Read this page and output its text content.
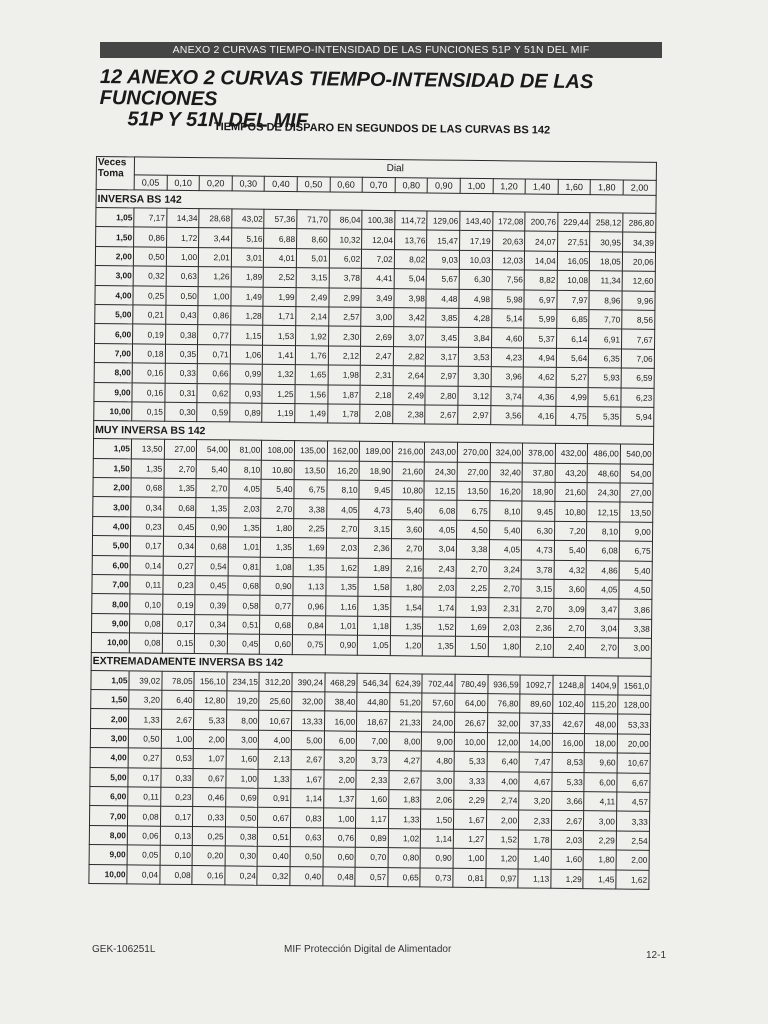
ANEXO 2 CURVAS TIEMPO-INTENSIDAD DE LAS FUNCIONES 51P Y 51N DEL MIF
12 ANEXO 2 CURVAS TIEMPO-INTENSIDAD DE LAS FUNCIONES
51P Y 51N DEL MIF
TIEMPOS DE DISPARO EN SEGUNDOS DE LAS CURVAS BS 142
Veces
Toma	Dial															
	0,05	0,10	0,20	0,30	0,40	0,50	0,60	0,70	0,80	0,90	1,00	1,20	1,40	1,60	1,80	2,00
INVERSA BS 142																
1,05	7,17	14,34	28,68	43,02	57,36	71,70	86,04	100,38	114,72	129,06	143,40	172,08	200,76	229,44	258,12	286,80
1,50	0,86	1,72	3,44	5,16	6,88	8,60	10,32	12,04	13,76	15,47	17,19	20,63	24,07	27,51	30,95	34,39
2,00	0,50	1,00	2,01	3,01	4,01	5,01	6,02	7,02	8,02	9,03	10,03	12,03	14,04	16,05	18,05	20,06
3,00	0,32	0,63	1,26	1,89	2,52	3,15	3,78	4,41	5,04	5,67	6,30	7,56	8,82	10,08	11,34	12,60
4,00	0,25	0,50	1,00	1,49	1,99	2,49	2,99	3,49	3,98	4,48	4,98	5,98	6,97	7,97	8,96	9,96
5,00	0,21	0,43	0,86	1,28	1,71	2,14	2,57	3,00	3,42	3,85	4,28	5,14	5,99	6,85	7,70	8,56
6,00	0,19	0,38	0,77	1,15	1,53	1,92	2,30	2,69	3,07	3,45	3,84	4,60	5,37	6,14	6,91	7,67
7,00	0,18	0,35	0,71	1,06	1,41	1,76	2,12	2,47	2,82	3,17	3,53	4,23	4,94	5,64	6,35	7,06
8,00	0,16	0,33	0,66	0,99	1,32	1,65	1,98	2,31	2,64	2,97	3,30	3,96	4,62	5,27	5,93	6,59
9,00	0,16	0,31	0,62	0,93	1,25	1,56	1,87	2,18	2,49	2,80	3,12	3,74	4,36	4,99	5,61	6,23
10,00	0,15	0,30	0,59	0,89	1,19	1,49	1,78	2,08	2,38	2,67	2,97	3,56	4,16	4,75	5,35	5,94
MUY INVERSA BS 142																
1,05	13,50	27,00	54,00	81,00	108,00	135,00	162,00	189,00	216,00	243,00	270,00	324,00	378,00	432,00	486,00	540,00
1,50	1,35	2,70	5,40	8,10	10,80	13,50	16,20	18,90	21,60	24,30	27,00	32,40	37,80	43,20	48,60	54,00
2,00	0,68	1,35	2,70	4,05	5,40	6,75	8,10	9,45	10,80	12,15	13,50	16,20	18,90	21,60	24,30	27,00
3,00	0,34	0,68	1,35	2,03	2,70	3,38	4,05	4,73	5,40	6,08	6,75	8,10	9,45	10,80	12,15	13,50
4,00	0,23	0,45	0,90	1,35	1,80	2,25	2,70	3,15	3,60	4,05	4,50	5,40	6,30	7,20	8,10	9,00
5,00	0,17	0,34	0,68	1,01	1,35	1,69	2,03	2,36	2,70	3,04	3,38	4,05	4,73	5,40	6,08	6,75
6,00	0,14	0,27	0,54	0,81	1,08	1,35	1,62	1,89	2,16	2,43	2,70	3,24	3,78	4,32	4,86	5,40
7,00	0,11	0,23	0,45	0,68	0,90	1,13	1,35	1,58	1,80	2,03	2,25	2,70	3,15	3,60	4,05	4,50
8,00	0,10	0,19	0,39	0,58	0,77	0,96	1,16	1,35	1,54	1,74	1,93	2,31	2,70	3,09	3,47	3,86
9,00	0,08	0,17	0,34	0,51	0,68	0,84	1,01	1,18	1,35	1,52	1,69	2,03	2,36	2,70	3,04	3,38
10,00	0,08	0,15	0,30	0,45	0,60	0,75	0,90	1,05	1,20	1,35	1,50	1,80	2,10	2,40	2,70	3,00
EXTREMADAMENTE INVERSA BS 142																
1,05	39,02	78,05	156,10	234,15	312,20	390,24	468,29	546,34	624,39	702,44	780,49	936,59	1092,7	1248,8	1404,9	1561,0
1,50	3,20	6,40	12,80	19,20	25,60	32,00	38,40	44,80	51,20	57,60	64,00	76,80	89,60	102,40	115,20	128,00
2,00	1,33	2,67	5,33	8,00	10,67	13,33	16,00	18,67	21,33	24,00	26,67	32,00	37,33	42,67	48,00	53,33
3,00	0,50	1,00	2,00	3,00	4,00	5,00	6,00	7,00	8,00	9,00	10,00	12,00	14,00	16,00	18,00	20,00
4,00	0,27	0,53	1,07	1,60	2,13	2,67	3,20	3,73	4,27	4,80	5,33	6,40	7,47	8,53	9,60	10,67
5,00	0,17	0,33	0,67	1,00	1,33	1,67	2,00	2,33	2,67	3,00	3,33	4,00	4,67	5,33	6,00	6,67
6,00	0,11	0,23	0,46	0,69	0,91	1,14	1,37	1,60	1,83	2,06	2,29	2,74	3,20	3,66	4,11	4,57
7,00	0,08	0,17	0,33	0,50	0,67	0,83	1,00	1,17	1,33	1,50	1,67	2,00	2,33	2,67	3,00	3,33
8,00	0,06	0,13	0,25	0,38	0,51	0,63	0,76	0,89	1,02	1,14	1,27	1,52	1,78	2,03	2,29	2,54
9,00	0,05	0,10	0,20	0,30	0,40	0,50	0,60	0,70	0,80	0,90	1,00	1,20	1,40	1,60	1,80	2,00
10,00	0,04	0,08	0,16	0,24	0,32	0,40	0,48	0,57	0,65	0,73	0,81	0,97	1,13	1,29	1,45	1,62
GEK-106251L	MIF Protección Digital de Alimentador
12-1
